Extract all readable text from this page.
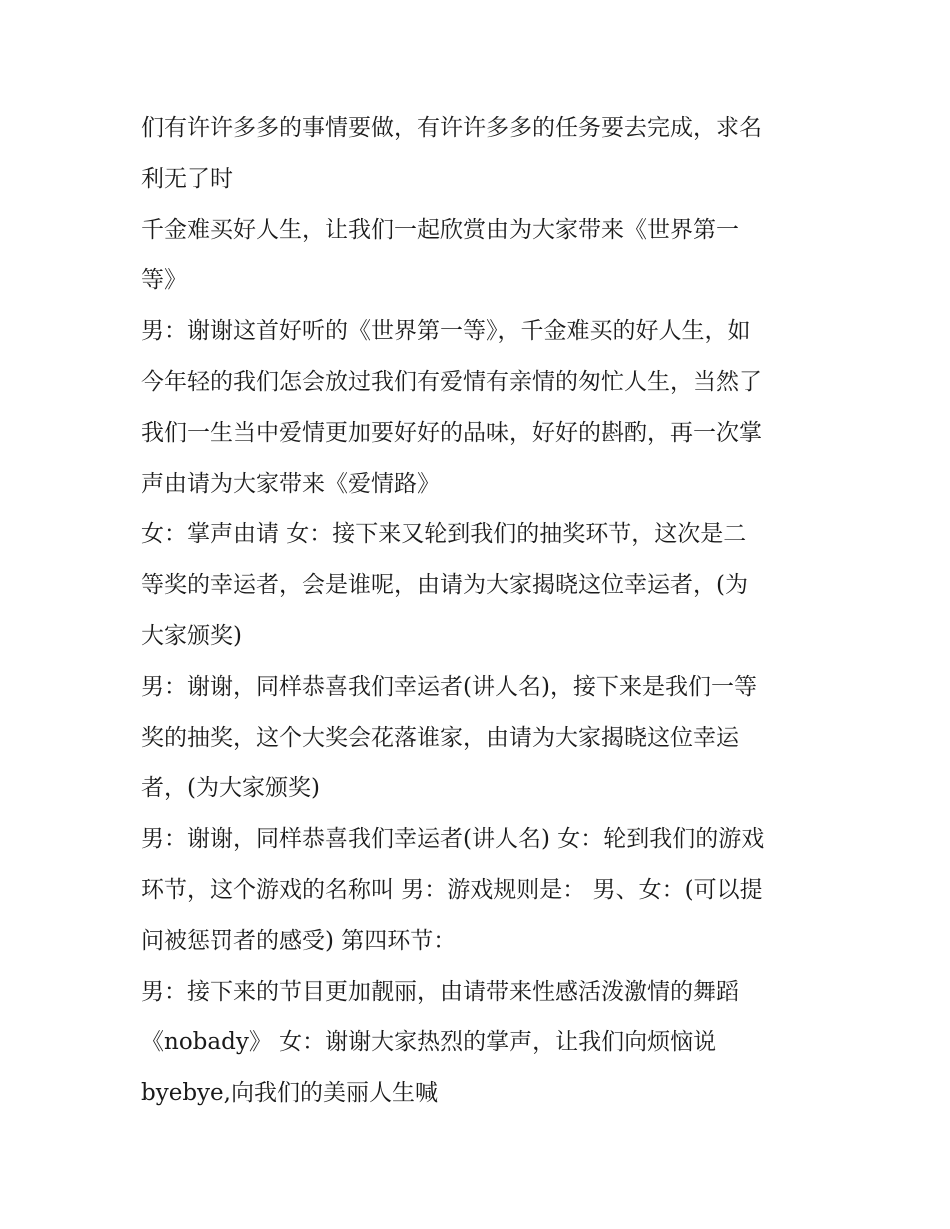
们有许许多多的事情要做，有许许多多的任务要去完成，求名
利无了时

千金难买好人生，让我们一起欣赏由为大家带来《世界第一
等》

男：谢谢这首好听的《世界第一等》，千金难买的好人生，如
今年轻的我们怎会放过我们有爱情有亲情的匆忙人生，当然了
我们一生当中爱情更加要好好的品味，好好的斟酌，再一次掌
声由请为大家带来《爱情路》

女：掌声由请 女：接下来又轮到我们的抽奖环节，这次是二
等奖的幸运者，会是谁呢，由请为大家揭晓这位幸运者，(为
大家颁奖)

男：谢谢，同样恭喜我们幸运者(讲人名)，接下来是我们一等
奖的抽奖，这个大奖会花落谁家，由请为大家揭晓这位幸运
者，(为大家颁奖)

男：谢谢，同样恭喜我们幸运者(讲人名) 女：轮到我们的游戏
环节，这个游戏的名称叫 男：游戏规则是： 男、女：(可以提
问被惩罚者的感受) 第四环节：

男：接下来的节目更加靓丽，由请带来性感活泼激情的舞蹈
《nobady》 女：谢谢大家热烈的掌声，让我们向烦恼说
byebye,向我们的美丽人生喊
